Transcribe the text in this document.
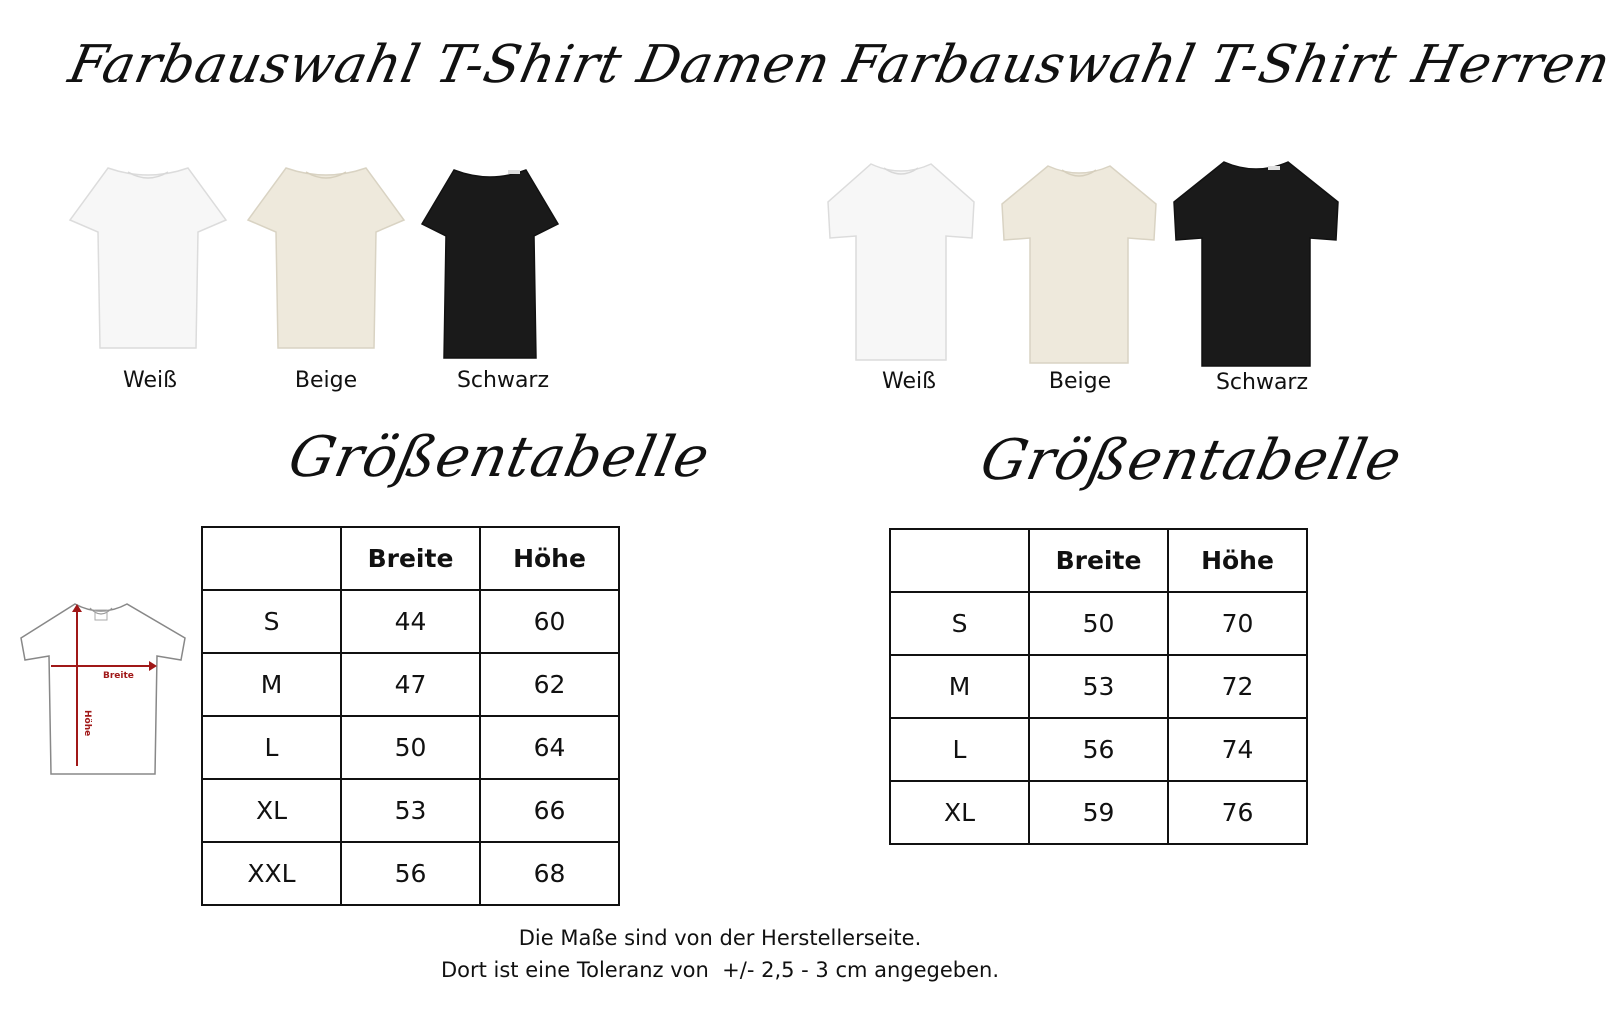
Farbauswahl T-Shirt Damen Farbauswahl T-Shirt Herren
Weiß	Beige	Schwarz	Weiß	Beige	Schwarz
Größentabelle	Größentabelle
Breite
Höhe
	Breite	Höhe
S	44	60
M	47	62
L	50	64
XL	53	66
XXL	56	68
	Breite	Höhe
S	50	70
M	53	72
L	56	74
XL	59	76
Die Maße sind von der Herstellerseite.
Dort ist eine Toleranz von  +/- 2,5 - 3 cm angegeben.
